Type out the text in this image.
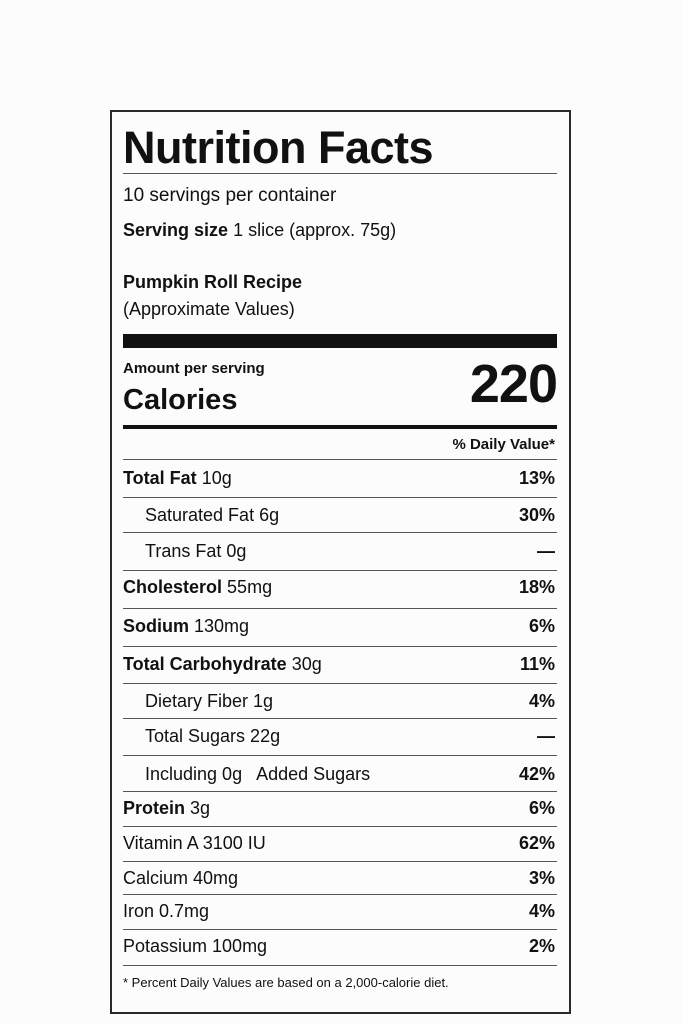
Nutrition Facts
10 servings per container
Serving size 1 slice (approx. 75g)
Pumpkin Roll Recipe
(Approximate Values)
Amount per serving
Calories	220
% Daily Value*
Total Fat 10g	13%
Saturated Fat 6g	30%
Trans Fat 0g	—
Cholesterol 55mg	18%
Sodium 130mg	6%
Total Carbohydrate 30g	11%
Dietary Fiber 1g	4%
Total Sugars 22g	—
Including 0g   Added Sugars	42%
Protein 3g	6%
Vitamin A 3100 IU	62%
Calcium 40mg	3%
Iron 0.7mg	4%
Potassium 100mg	2%
* Percent Daily Values are based on a 2,000-calorie diet.
